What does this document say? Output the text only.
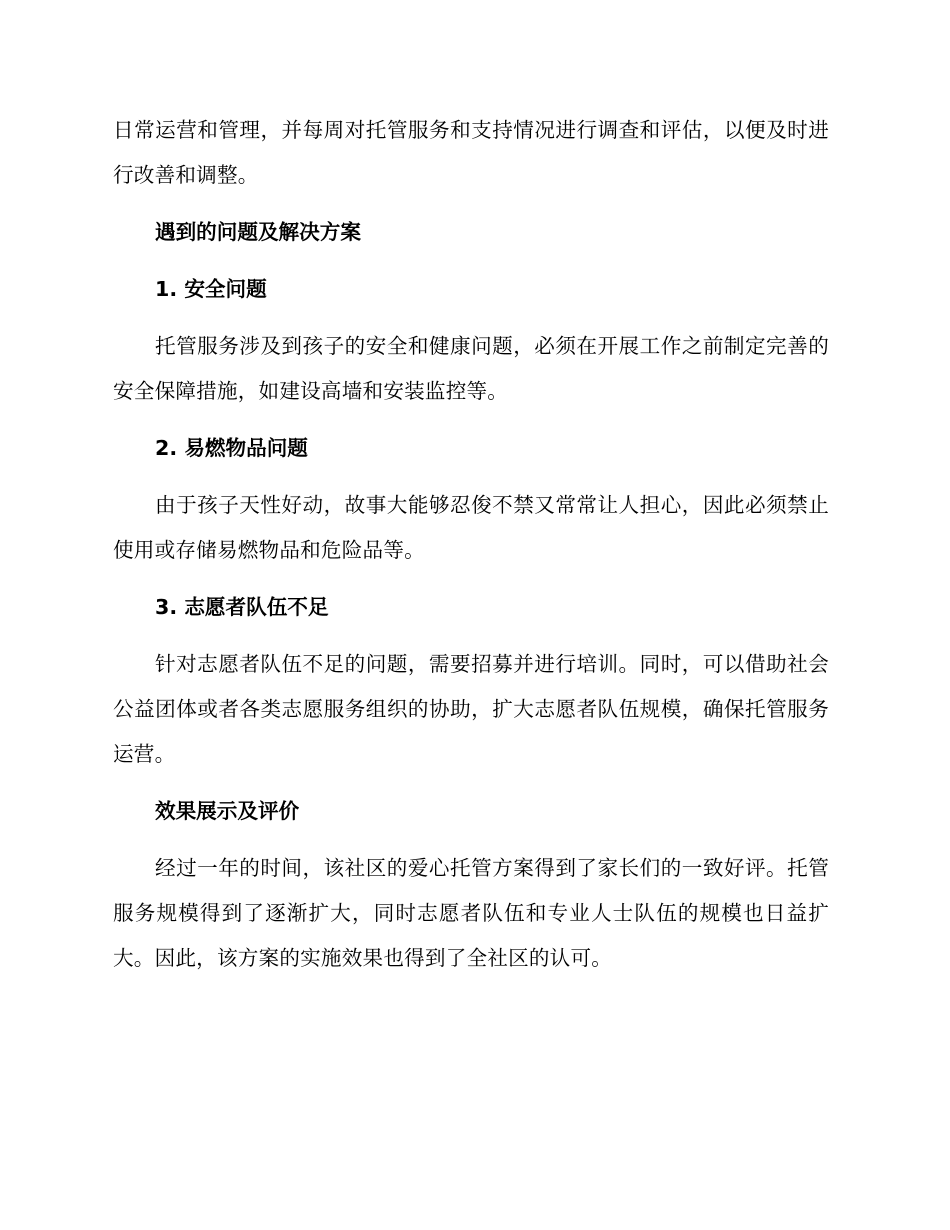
日常运营和管理，并每周对托管服务和支持情况进行调查和评估，以便及时进行改善和调整。

遇到的问题及解决方案

1. 安全问题

托管服务涉及到孩子的安全和健康问题，必须在开展工作之前制定完善的安全保障措施，如建设高墙和安装监控等。

2. 易燃物品问题

由于孩子天性好动，故事大能够忍俊不禁又常常让人担心，因此必须禁止使用或存储易燃物品和危险品等。

3. 志愿者队伍不足

针对志愿者队伍不足的问题，需要招募并进行培训。同时，可以借助社会公益团体或者各类志愿服务组织的协助，扩大志愿者队伍规模，确保托管服务运营。

效果展示及评价

经过一年的时间，该社区的爱心托管方案得到了家长们的一致好评。托管服务规模得到了逐渐扩大，同时志愿者队伍和专业人士队伍的规模也日益扩大。因此，该方案的实施效果也得到了全社区的认可。
